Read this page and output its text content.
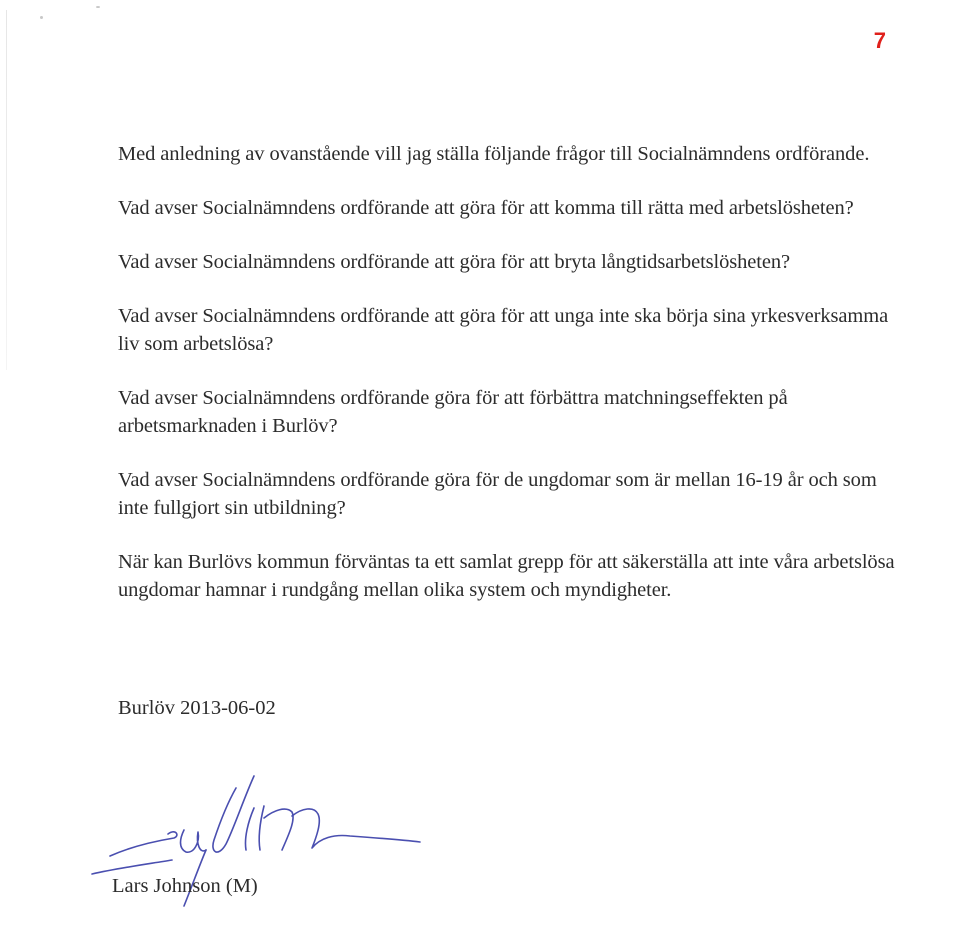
7

Med anledning av ovanstående vill jag ställa följande frågor till Socialnämndens ordförande.

Vad avser Socialnämndens ordförande att göra för att komma till rätta med arbetslösheten?

Vad avser Socialnämndens ordförande att göra för att bryta långtidsarbetslösheten?

Vad avser Socialnämndens ordförande att göra för att unga inte ska börja sina yrkesverksamma liv som arbetslösa?

Vad avser Socialnämndens ordförande göra för att förbättra matchningseffekten på arbetsmarknaden i Burlöv?

Vad avser Socialnämndens ordförande göra för de ungdomar som är mellan 16-19 år och som inte fullgjort sin utbildning?

När kan Burlövs kommun förväntas ta ett samlat grepp för att säkerställa att inte våra arbetslösa ungdomar hamnar i rundgång mellan olika system och myndigheter.

Burlöv 2013-06-02
Lars Johnson (M)
